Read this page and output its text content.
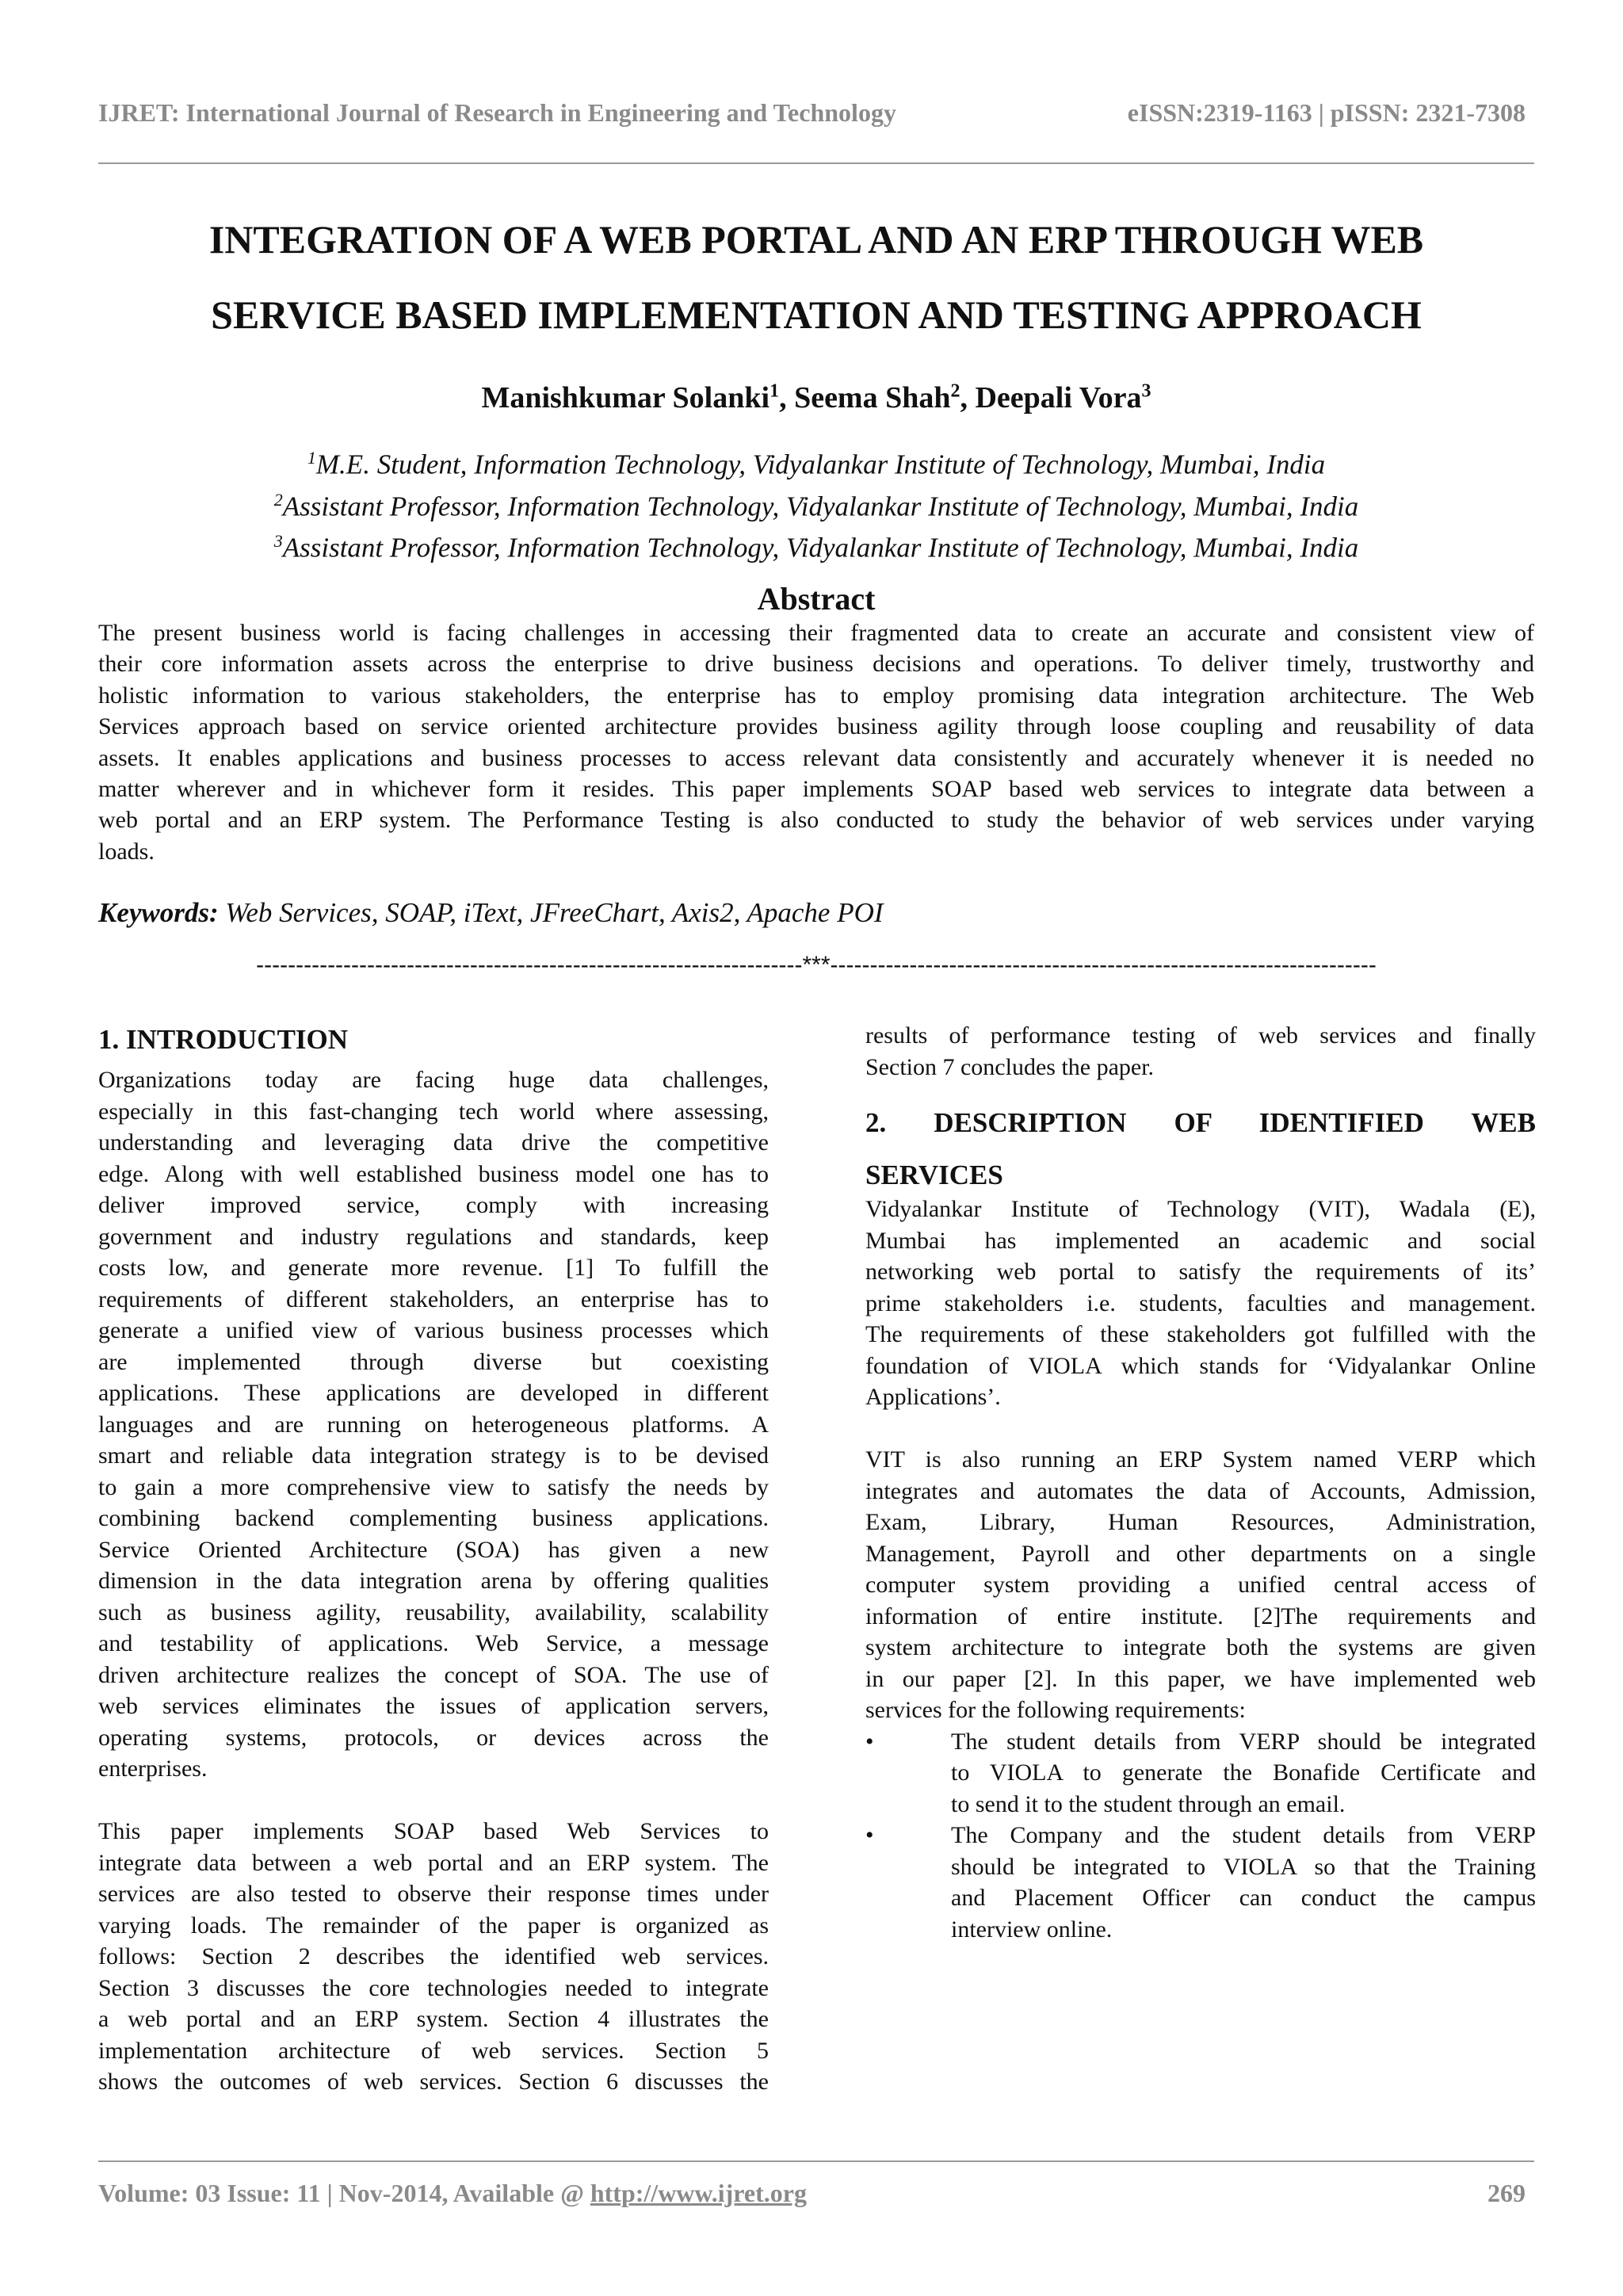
IJRET: International Journal of Research in Engineering and Technology	eISSN:2319-1163 | pISSN: 2321-7308
INTEGRATION OF A WEB PORTAL AND AN ERP THROUGH WEB
SERVICE BASED IMPLEMENTATION AND TESTING APPROACH
Manishkumar Solanki$^1$, Seema Shah$^2$, Deepali Vora$^3$
$^1$M.E. Student, Information Technology, Vidyalankar Institute of Technology, Mumbai, India
$^2$Assistant Professor, Information Technology, Vidyalankar Institute of Technology, Mumbai, India
$^3$Assistant Professor, Information Technology, Vidyalankar Institute of Technology, Mumbai, India
Abstract
The present business world is facing challenges in accessing their fragmented data to create an accurate and consistent view of
their core information assets across the enterprise to drive business decisions and operations. To deliver timely, trustworthy and
holistic information to various stakeholders, the enterprise has to employ promising data integration architecture. The Web
Services approach based on service oriented architecture provides business agility through loose coupling and reusability of data
assets. It enables applications and business processes to access relevant data consistently and accurately whenever it is needed no
matter wherever and in whichever form it resides. This paper implements SOAP based web services to integrate data between a
web portal and an ERP system. The Performance Testing is also conducted to study the behavior of web services under varying
loads.
Keywords: Web Services, SOAP, iText, JFreeChart, Axis2, Apache POI
---------------------------------------------------------------------***---------------------------------------------------------------------
1. INTRODUCTION
Organizations today are facing huge data challenges,
especially in this fast-changing tech world where assessing,
understanding and leveraging data drive the competitive
edge. Along with well established business model one has to
deliver improved service, comply with increasing
government and industry regulations and standards, keep
costs low, and generate more revenue. [1] To fulfill the
requirements of different stakeholders, an enterprise has to
generate a unified view of various business processes which
are implemented through diverse but coexisting
applications. These applications are developed in different
languages and are running on heterogeneous platforms. A
smart and reliable data integration strategy is to be devised
to gain a more comprehensive view to satisfy the needs by
combining backend complementing business applications.
Service Oriented Architecture (SOA) has given a new
dimension in the data integration arena by offering qualities
such as business agility, reusability, availability, scalability
and testability of applications. Web Service, a message
driven architecture realizes the concept of SOA. The use of
web services eliminates the issues of application servers,
operating systems, protocols, or devices across the
enterprises.
This paper implements SOAP based Web Services to
integrate data between a web portal and an ERP system. The
services are also tested to observe their response times under
varying loads. The remainder of the paper is organized as
follows: Section 2 describes the identified web services.
Section 3 discusses the core technologies needed to integrate
a web portal and an ERP system. Section 4 illustrates the
implementation architecture of web services. Section 5
shows the outcomes of web services. Section 6 discusses the
results of performance testing of web services and finally
Section 7 concludes the paper.
2. DESCRIPTION OF IDENTIFIED WEB
SERVICES
Vidyalankar Institute of Technology (VIT), Wadala (E),
Mumbai has implemented an academic and social
networking web portal to satisfy the requirements of its’
prime stakeholders i.e. students, faculties and management.
The requirements of these stakeholders got fulfilled with the
foundation of VIOLA which stands for ‘Vidyalankar Online
Applications’.
VIT is also running an ERP System named VERP which
integrates and automates the data of Accounts, Admission,
Exam, Library, Human Resources, Administration,
Management, Payroll and other departments on a single
computer system providing a unified central access of
information of entire institute. [2]The requirements and
system architecture to integrate both the systems are given
in our paper [2]. In this paper, we have implemented web
services for the following requirements:
•	The student details from VERP should be integrated
to VIOLA to generate the Bonafide Certificate and
to send it to the student through an email.
•	The Company and the student details from VERP
should be integrated to VIOLA so that the Training
and Placement Officer can conduct the campus
interview online.
Volume: 03 Issue: 11 | Nov-2014, Available @ http://www.ijret.org	269
